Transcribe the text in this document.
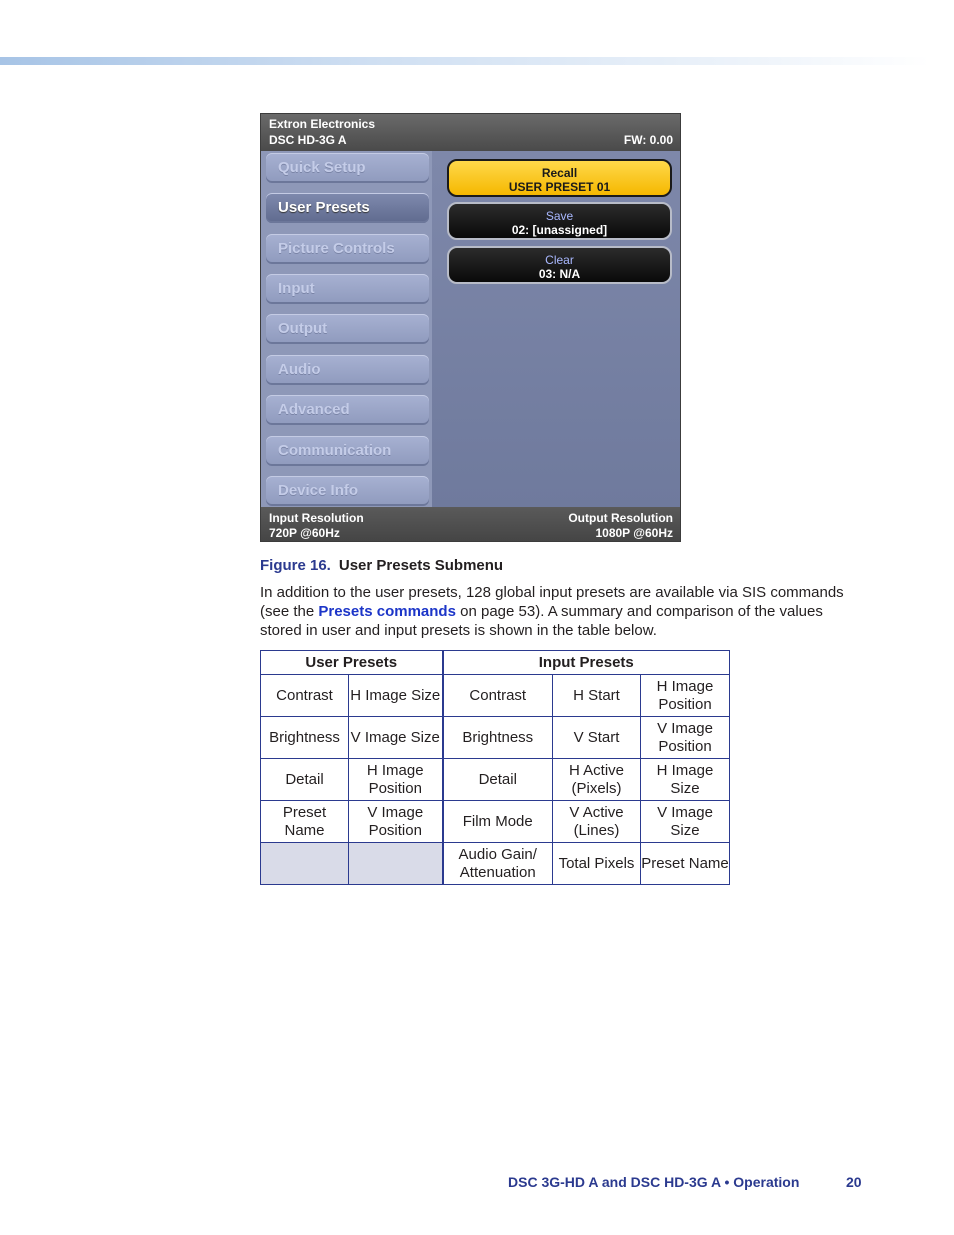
Extron Electronics
DSC HD-3G A	FW: 0.00
Quick Setup
User Presets
Picture Controls
Input
Output
Audio
Advanced
Communication
Device Info
Recall
USER PRESET 01
Save
02: [unassigned]
Clear
03: N/A
Input Resolution
720P @60Hz
Output Resolution
1080P @60Hz
Figure 16. User Presets Submenu
In addition to the user presets, 128 global input presets are available via SIS commands (see the Presets commands on page 53). A summary and comparison of the values stored in user and input presets is shown in the table below.
User Presets		Input Presets		
Contrast	H Image Size	Contrast	H Start	H Image Position
Brightness	V Image Size	Brightness	V Start	V Image Position
Detail	H Image Position	Detail	H Active (Pixels)	H Image Size
Preset Name	V Image Position	Film Mode	V Active (Lines)	V Image Size
		Audio Gain/ Attenuation	Total Pixels	Preset Name
DSC 3G-HD A and DSC HD-3G A • Operation	20
